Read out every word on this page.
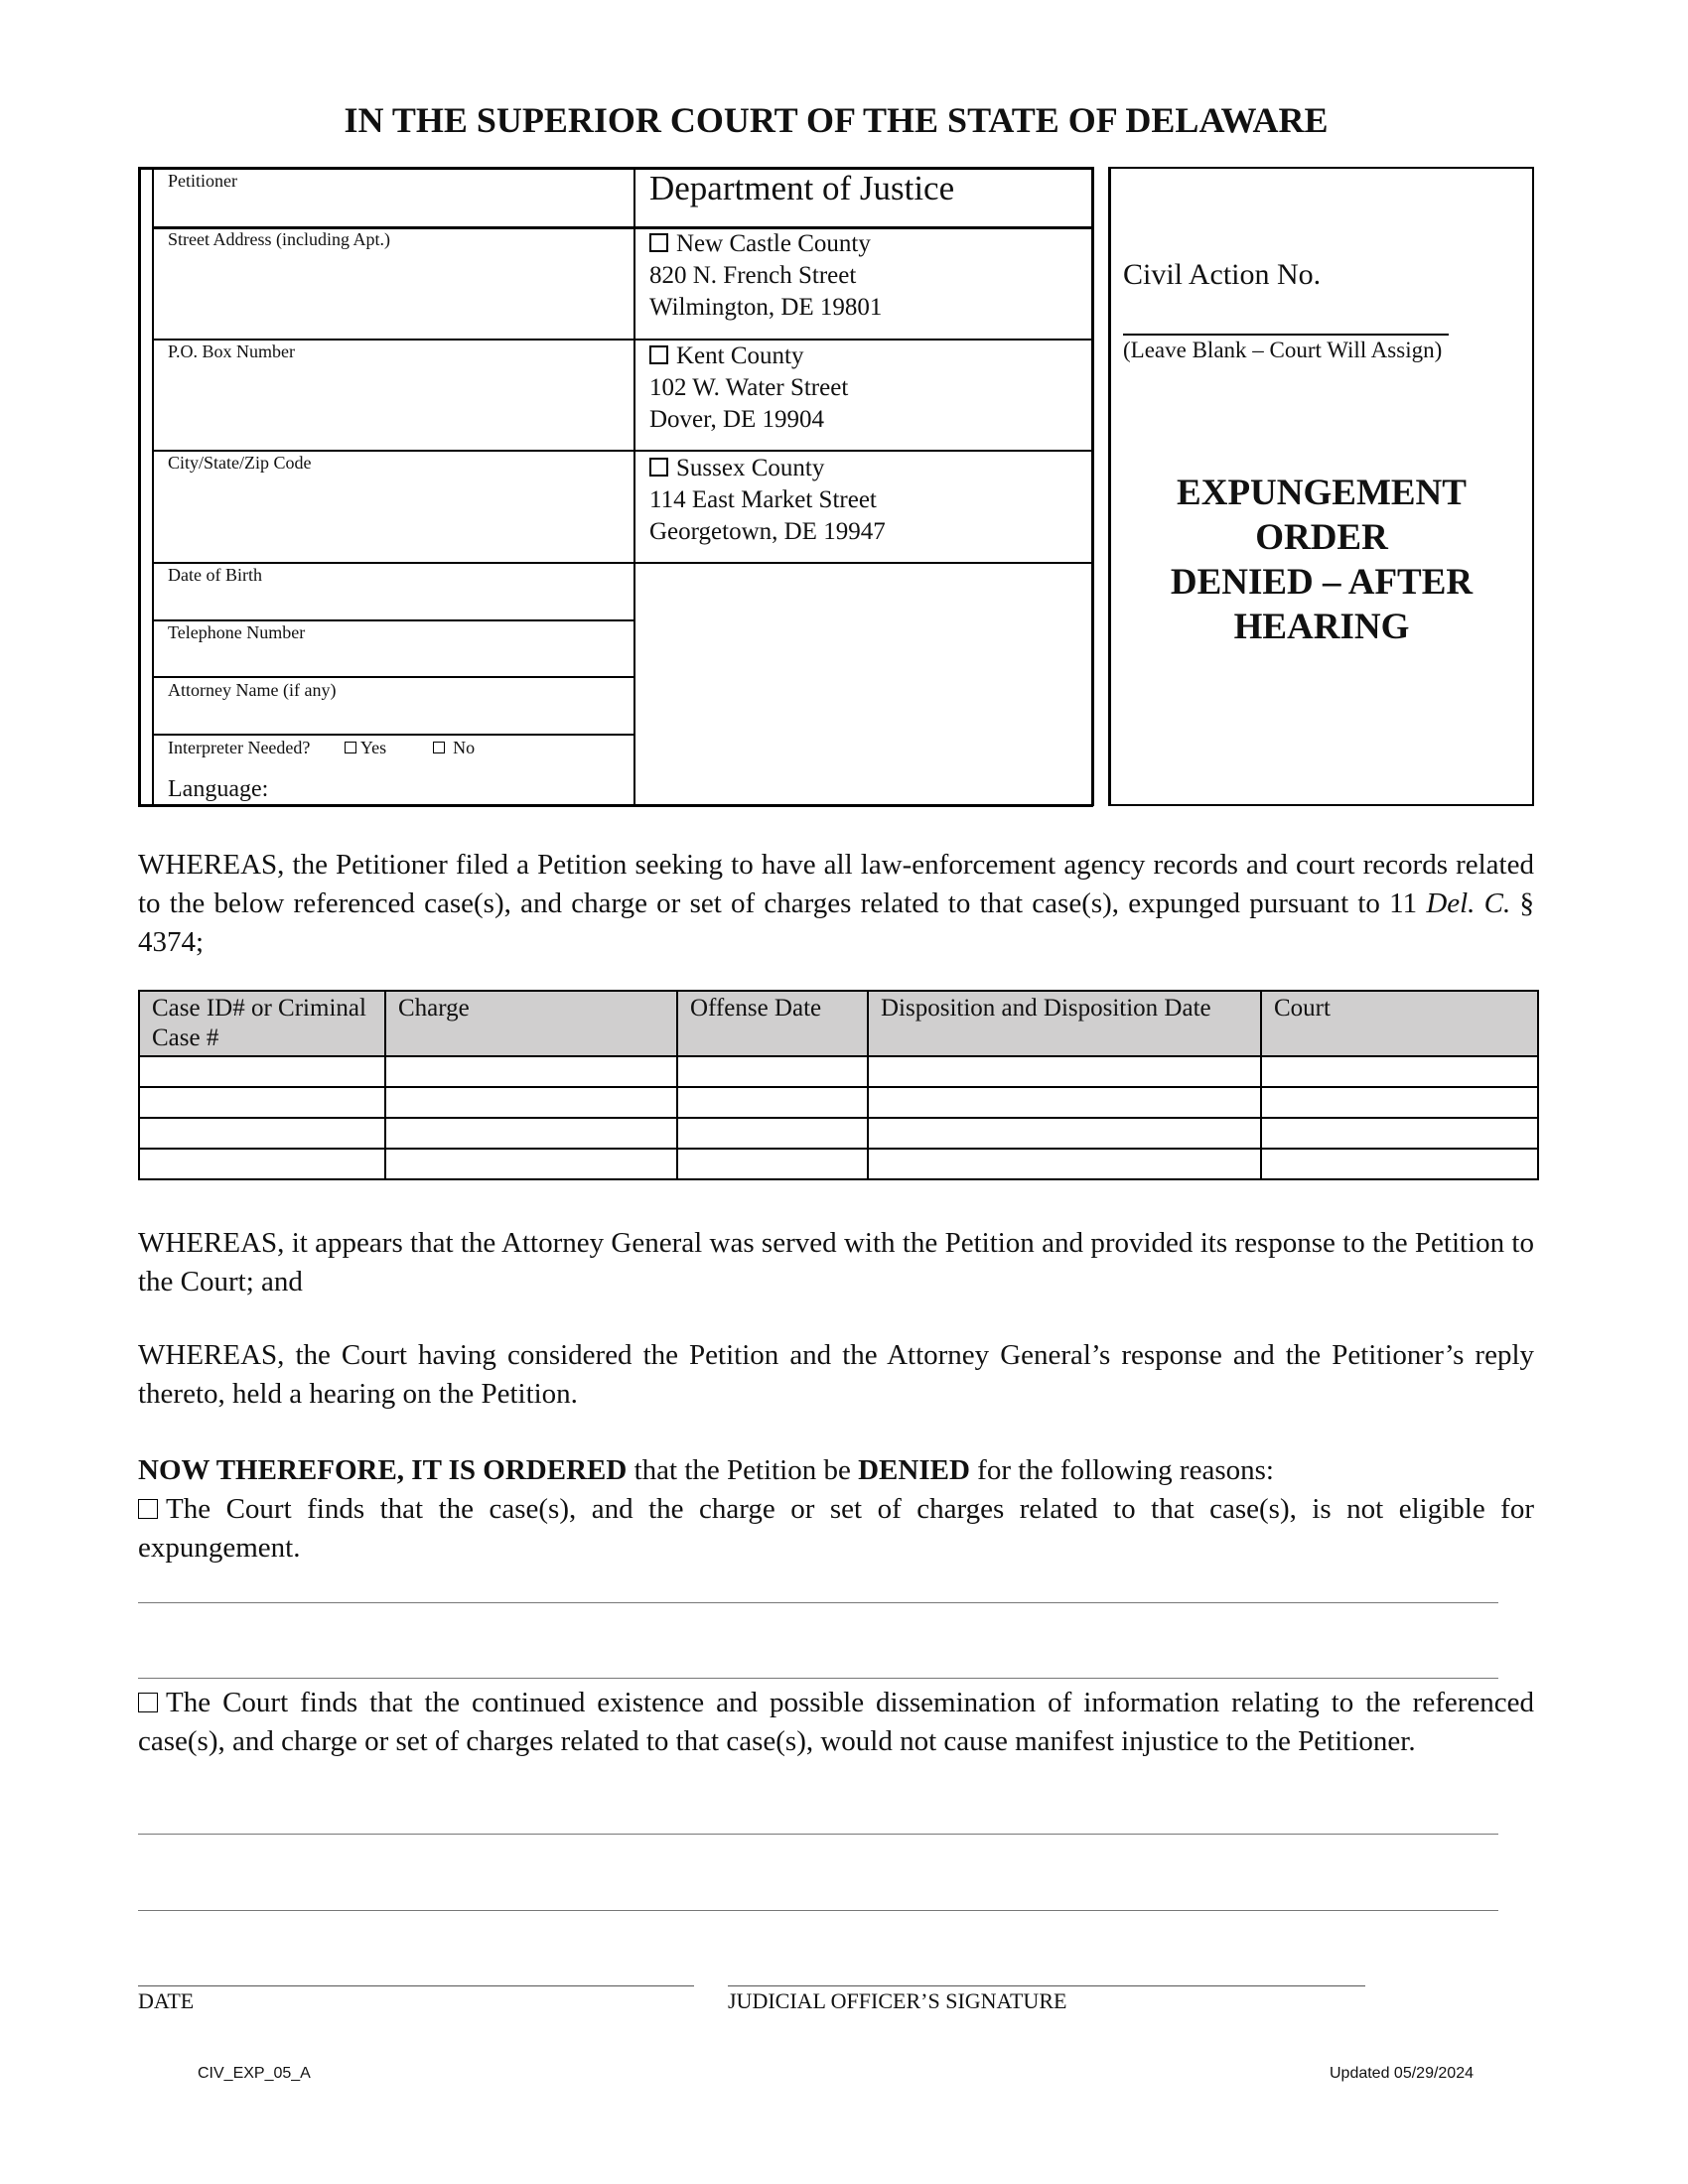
IN THE SUPERIOR COURT OF THE STATE OF DELAWARE
Petitioner
Street Address (including Apt.)
P.O. Box Number
City/State/Zip Code
Date of Birth
Telephone Number
Attorney Name (if any)
Interpreter Needed?	Yes	No
Language:
Department of Justice
New Castle County
820 N. French Street
Wilmington, DE 19801
Kent County
102 W. Water Street
Dover, DE 19904
Sussex County
114 East Market Street
Georgetown, DE 19947
Civil Action No.
(Leave Blank – Court Will Assign)
EXPUNGEMENT
ORDER
DENIED – AFTER
HEARING
WHEREAS, the Petitioner filed a Petition seeking to have all law-enforcement agency records and court records related to the below referenced case(s), and charge or set of charges related to that case(s), expunged pursuant to 11 Del. C. § 4374;
Case ID# or Criminal Case #	Charge	Offense Date	Disposition and Disposition Date	Court

WHEREAS, it appears that the Attorney General was served with the Petition and provided its response to the Petition to the Court; and
WHEREAS, the Court having considered the Petition and the Attorney General’s response and the Petitioner’s reply thereto, held a hearing on the Petition.
NOW THEREFORE, IT IS ORDERED that the Petition be DENIED for the following reasons:
The Court finds that the case(s), and the charge or set of charges related to that case(s), is not eligible for expungement.
The Court finds that the continued existence and possible dissemination of information relating to the referenced case(s), and charge or set of charges related to that case(s), would not cause manifest injustice to the Petitioner.
DATE	JUDICIAL OFFICER’S SIGNATURE
CIV_EXP_05_A	Updated 05/29/2024
